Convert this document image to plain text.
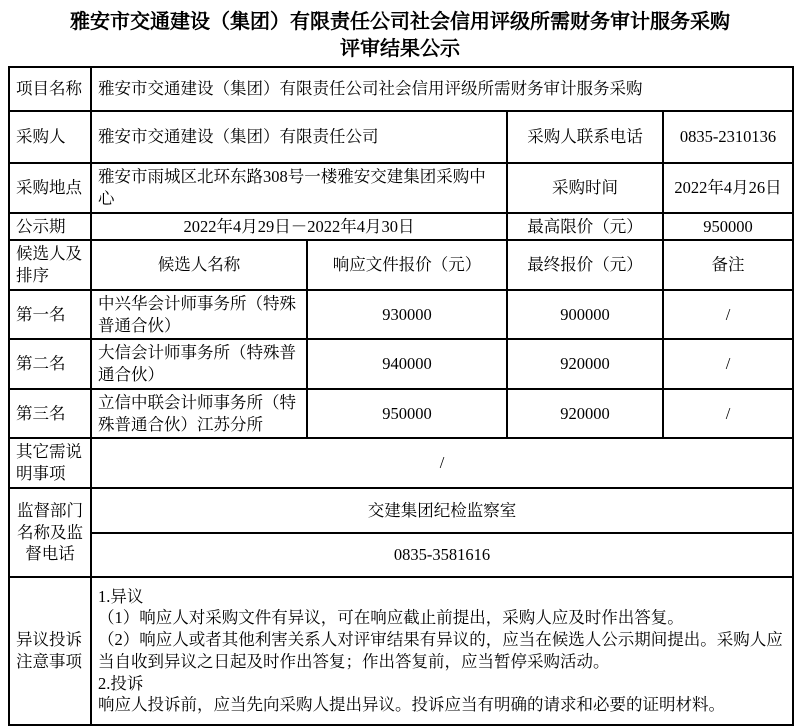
雅安市交通建设（集团）有限责任公司社会信用评级所需财务审计服务采购
评审结果公示
项目名称	雅安市交通建设（集团）有限责任公司社会信用评级所需财务审计服务采购			
采购人	雅安市交通建设（集团）有限责任公司		采购人联系电话	0835-2310136
采购地点	雅安市雨城区北环东路308号一楼雅安交建集团采购中心		采购时间	2022年4月26日
公示期	2022年4月29日－2022年4月30日		最高限价（元）	950000
候选人及排序	候选人名称	响应文件报价（元）	最终报价（元）	备注
第一名	中兴华会计师事务所（特殊普通合伙）	930000	900000	/
第二名	大信会计师事务所（特殊普通合伙）	940000	920000	/
第三名	立信中联会计师事务所（特殊普通合伙）江苏分所	950000	920000	/
其它需说明事项	/			
监督部门名称及监督电话	交建集团纪检监察室			
	0835-3581616			
异议投诉注意事项	1.异议
（1）响应人对采购文件有异议，可在响应截止前提出，采购人应及时作出答复。
（2）响应人或者其他利害关系人对评审结果有异议的，应当在候选人公示期间提出。采购人应当自收到异议之日起及时作出答复；作出答复前，应当暂停采购活动。
2.投诉
响应人投诉前，应当先向采购人提出异议。投诉应当有明确的请求和必要的证明材料。			
